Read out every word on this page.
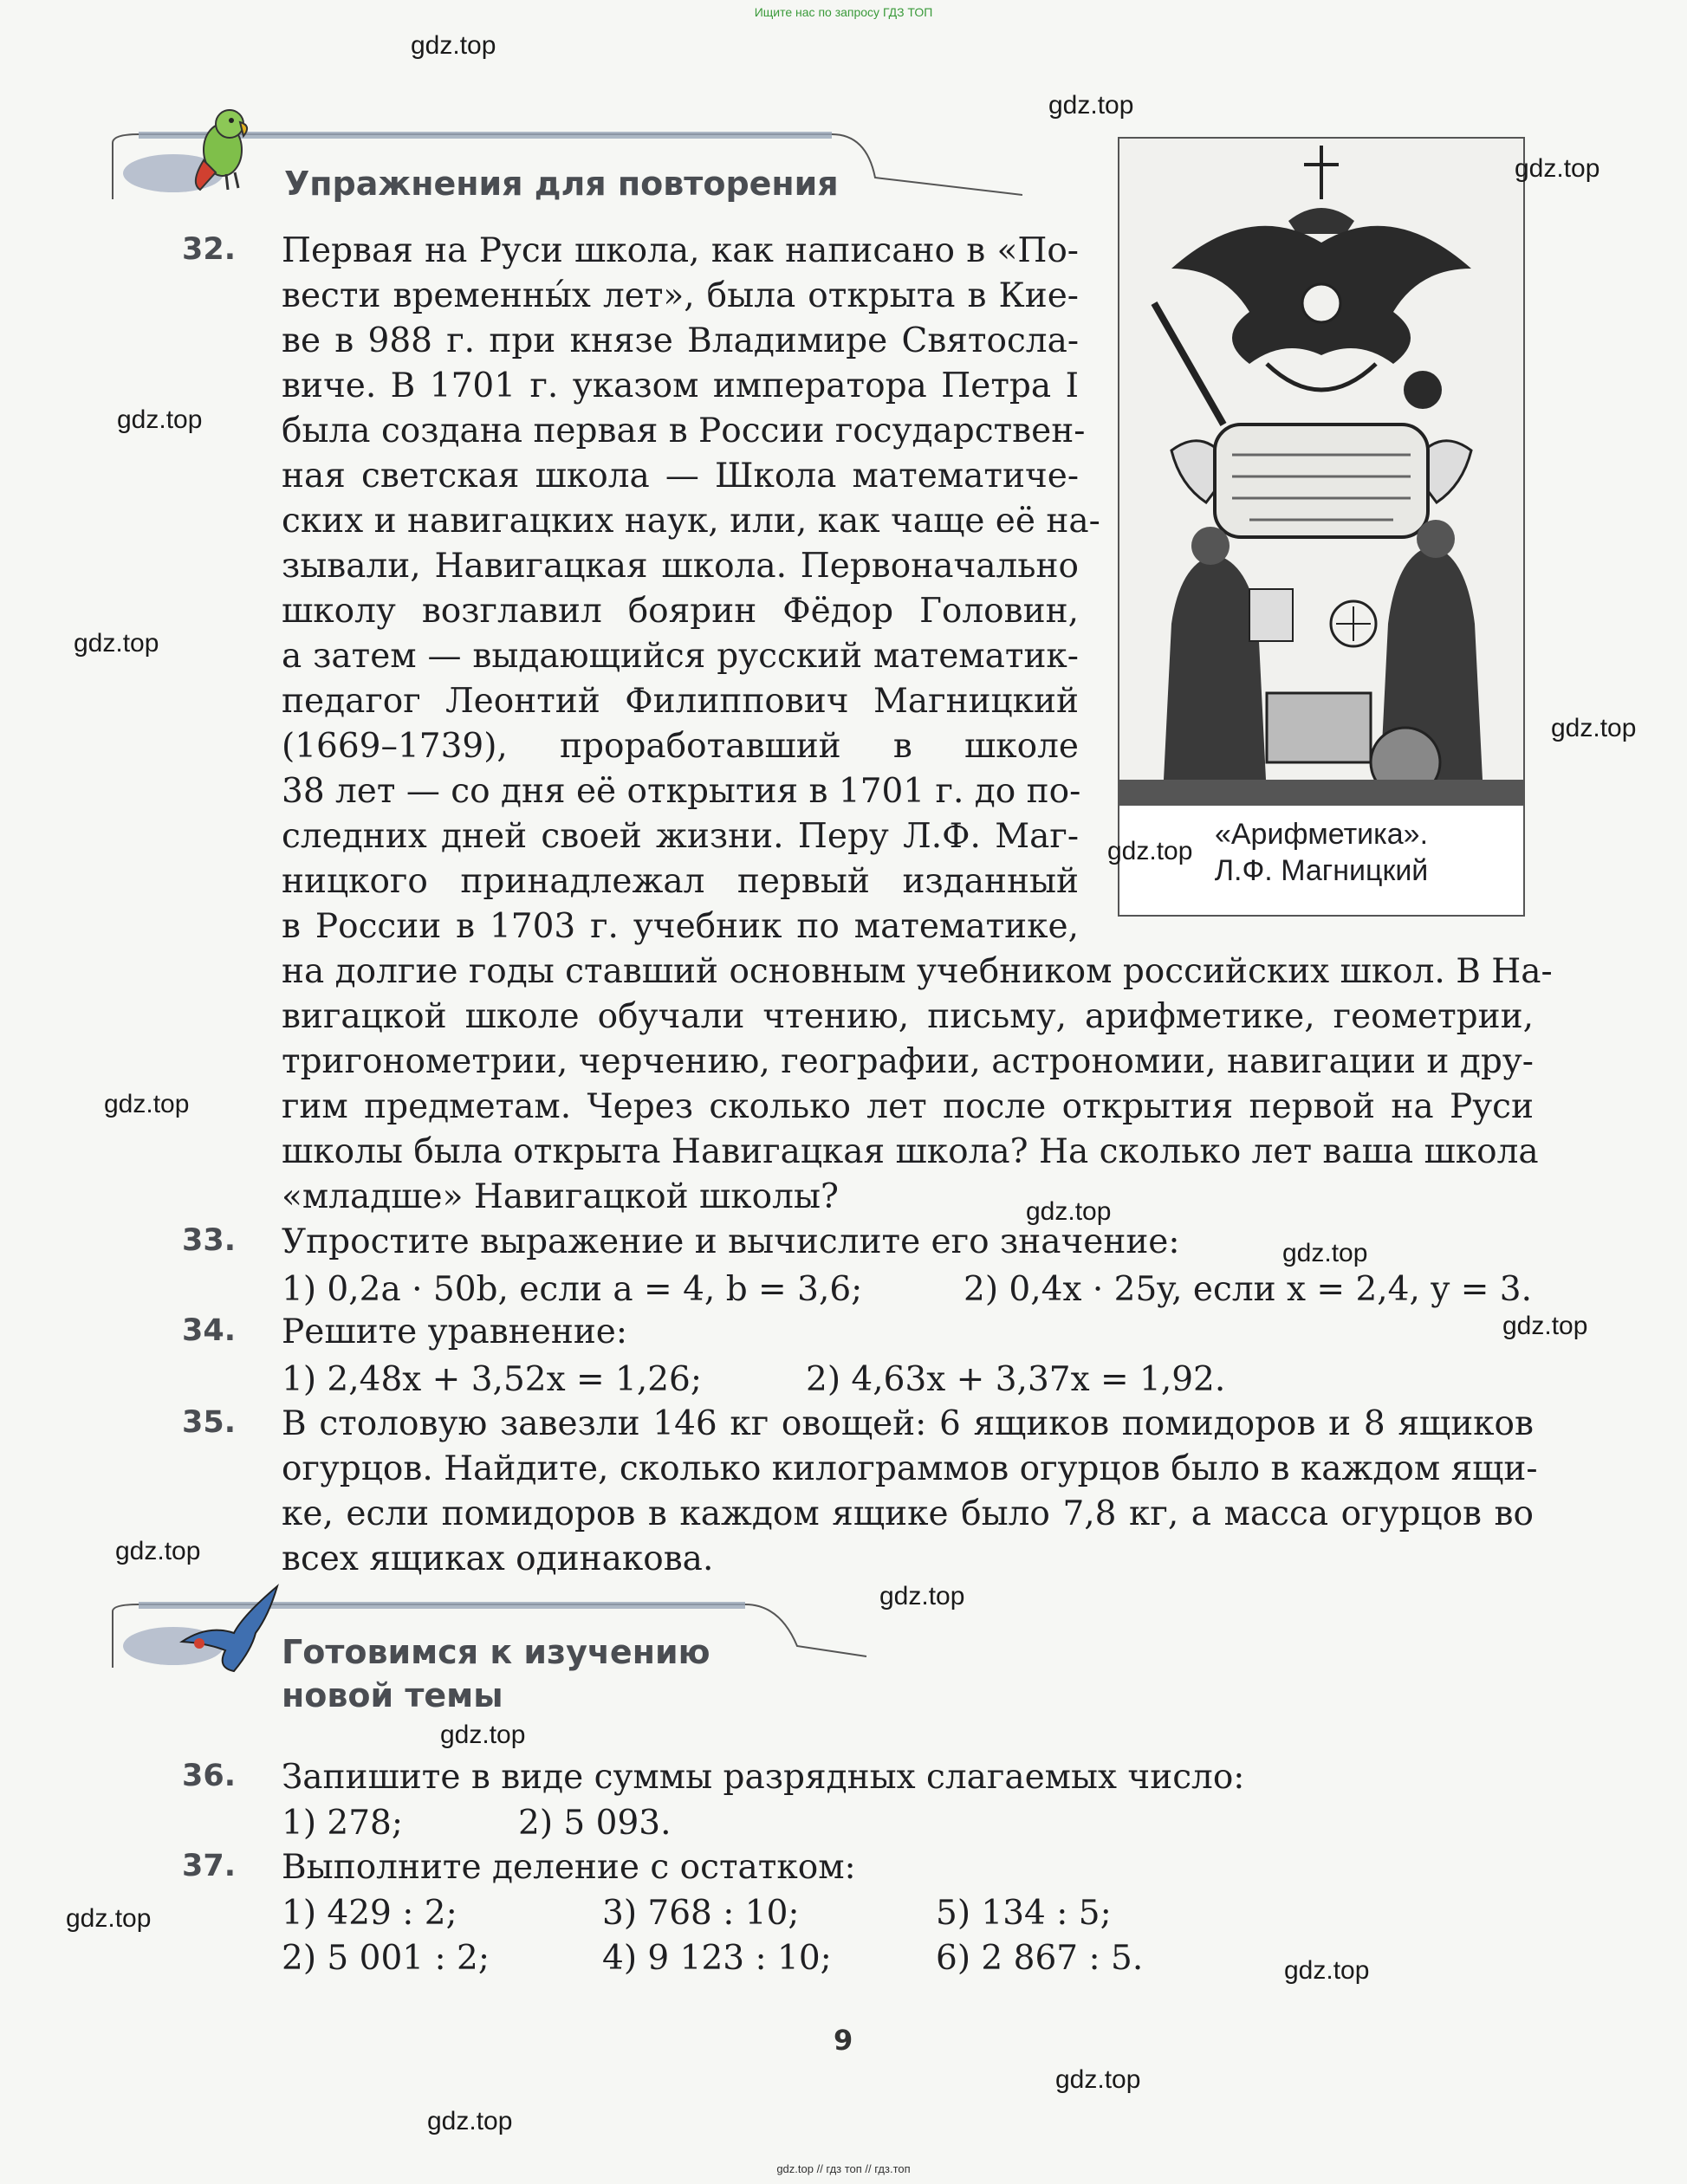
Ищите нас по запросу ГДЗ ТОП
Упражнения для повторения
«Арифметика».
Л.Ф. Магницкий
32. Первая на Руси школа, как написано в «По-
вести временны́х лет», была открыта в Кие-
ве в 988 г. при князе Владимире Святосла-
виче. В 1701 г. указом императора Петра I
была создана первая в России государствен-
ная светская школа — Школа математиче-
ских и навигацких наук, или, как чаще её на-
зывали, Навигацкая школа. Первоначально
школу возглавил боярин Фёдор Головин,
а затем — выдающийся русский математик-
педагог Леонтий Филиппович Магницкий
(1669–1739), проработавший в школе
38 лет — со дня её открытия в 1701 г. до по-
следних дней своей жизни. Перу Л.Ф. Маг-
ницкого принадлежал первый изданный
в России в 1703 г. учебник по математике,
на долгие годы ставший основным учебником российских школ. В На-
вигацкой школе обучали чтению, письму, арифметике, геометрии,
тригонометрии, черчению, географии, астрономии, навигации и дру-
гим предметам. Через сколько лет после открытия первой на Руси
школы была открыта Навигацкая школа? На сколько лет ваша школа
«младше» Навигацкой школы?
33. Упростите выражение и вычислите его значение:
1) 0,2a · 50b, если a = 4, b = 3,6;	2) 0,4x · 25y, если x = 2,4, y = 3.
34. Решите уравнение:
1) 2,48x + 3,52x = 1,26;	2) 4,63x + 3,37x = 1,92.
35. В столовую завезли 146 кг овощей: 6 ящиков помидоров и 8 ящиков
огурцов. Найдите, сколько килограммов огурцов было в каждом ящи-
ке, если помидоров в каждом ящике было 7,8 кг, а масса огурцов во
всех ящиках одинакова.
Готовимся к изучению
новой темы
36. Запишите в виде суммы разрядных слагаемых число:
1) 278;	2) 5 093.
37. Выполните деление с остатком:
1) 429 : 2;	3) 768 : 10;	5) 134 : 5;
2) 5 001 : 2;	4) 9 123 : 10;	6) 2 867 : 5.
9
gdz.top
gdz.top
gdz.top
gdz.top
gdz.top
gdz.top
gdz.top
gdz.top
gdz.top
gdz.top
gdz.top
gdz.top
gdz.top
gdz.top
gdz.top
gdz.top
gdz.top
gdz.top
gdz.top // гдз топ // гдз.топ
